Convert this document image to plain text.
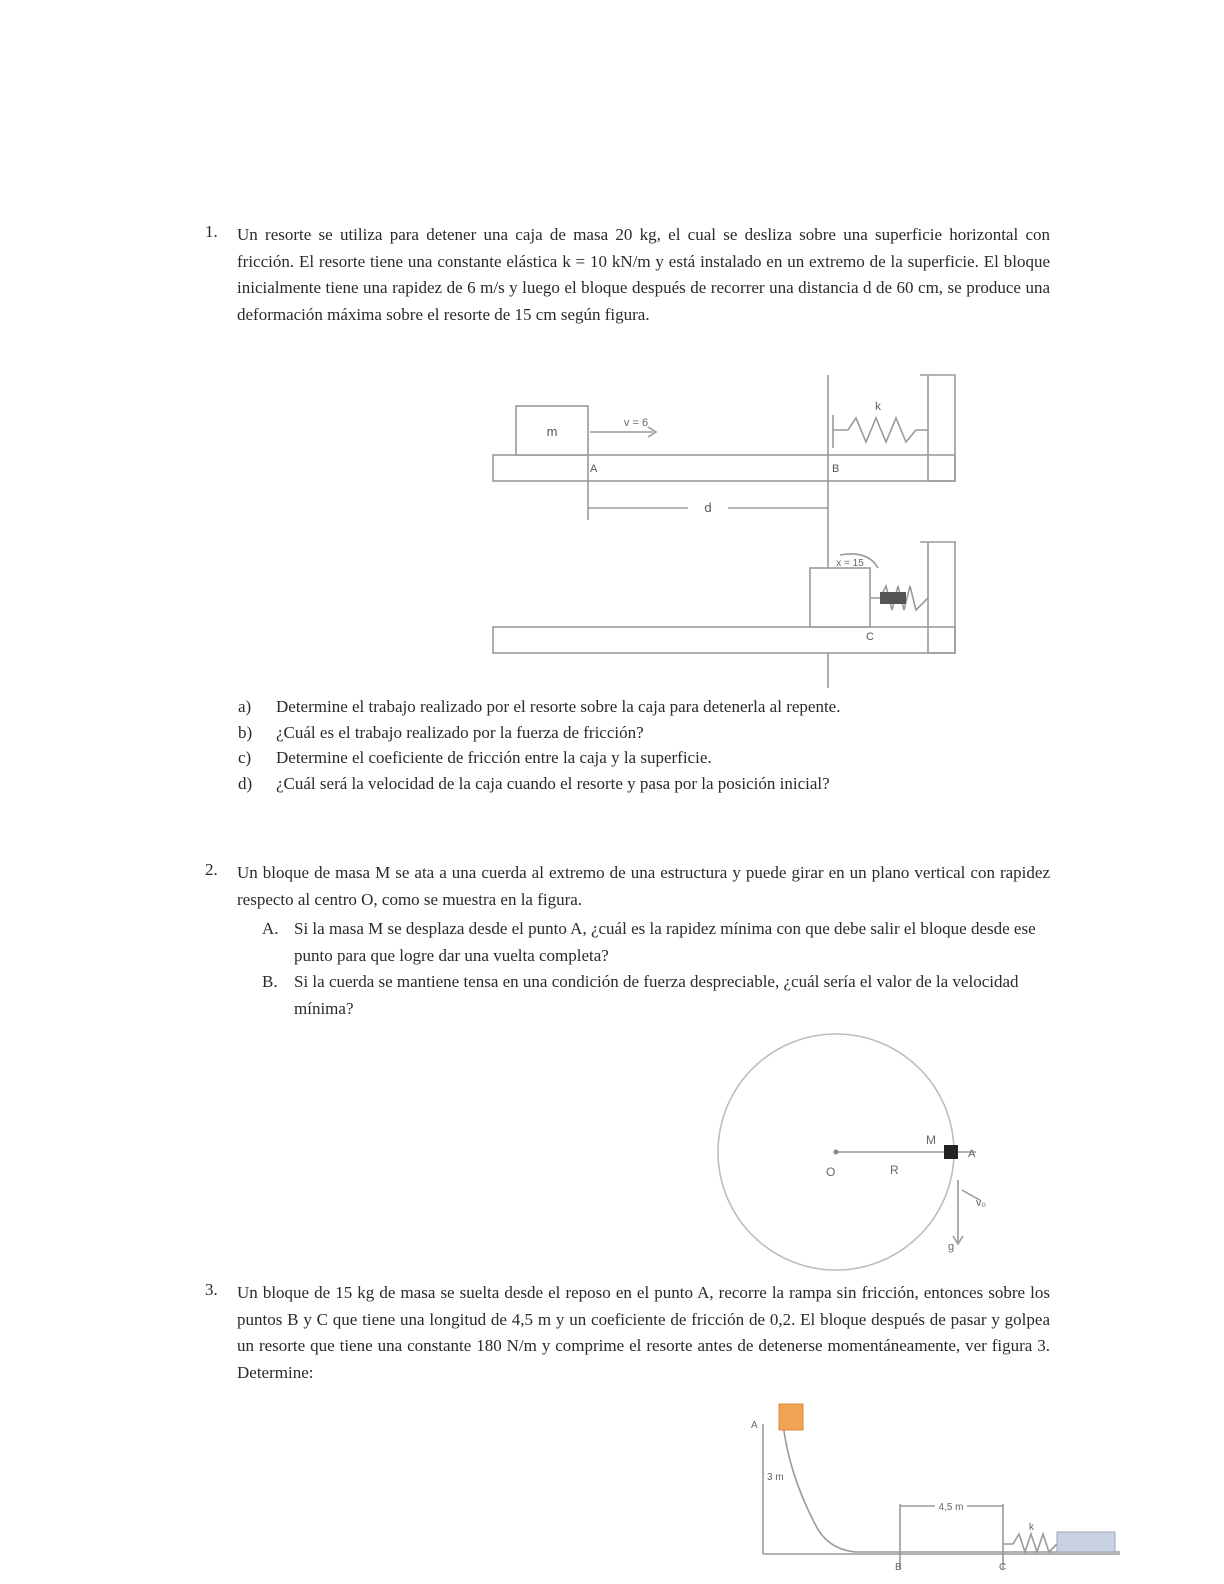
1. Un resorte se utiliza para detener una caja de masa 20 kg, el cual se desliza sobre una superficie horizontal con fricción. El resorte tiene una constante elástica k = 10 kN/m y está instalado en un extremo de la superficie. El bloque inicialmente tiene una rapidez de 6 m/s y luego el bloque después de recorrer una distancia d de 60 cm, se produce una deformación máxima sobre el resorte de 15 cm según figura.

m
v = 6
k
A	B
d
x = 15
C
a) Determine el trabajo realizado por el resorte sobre la caja para detenerla al repente.
b) ¿Cuál es el trabajo realizado por la fuerza de fricción?
c) Determine el coeficiente de fricción entre la caja y la superficie.
d) ¿Cuál será la velocidad de la caja cuando el resorte y pasa por la posición inicial?
2. Un bloque de masa M se ata a una cuerda al extremo de una estructura y puede girar en un plano vertical con rapidez respecto al centro O, como se muestra en la figura.

A. Si la masa M se desplaza desde el punto A, ¿cuál es la rapidez mínima con que debe salir el bloque desde ese punto para que logre dar una vuelta completa?
B. Si la cuerda se mantiene tensa en una condición de fuerza despreciable, ¿cuál sería el valor de la velocidad mínima?
O	R
M
A
v₀
g
3. Un bloque de 15 kg de masa se suelta desde el reposo en el punto A, recorre la rampa sin fricción, entonces sobre los puntos B y C que tiene una longitud de 4,5 m y un coeficiente de fricción de 0,2. El bloque después de pasar y golpea un resorte que tiene una constante 180 N/m y comprime el resorte antes de detenerse momentáneamente, ver figura 3. Determine:

3 m
A
B	C
4,5 m
k
